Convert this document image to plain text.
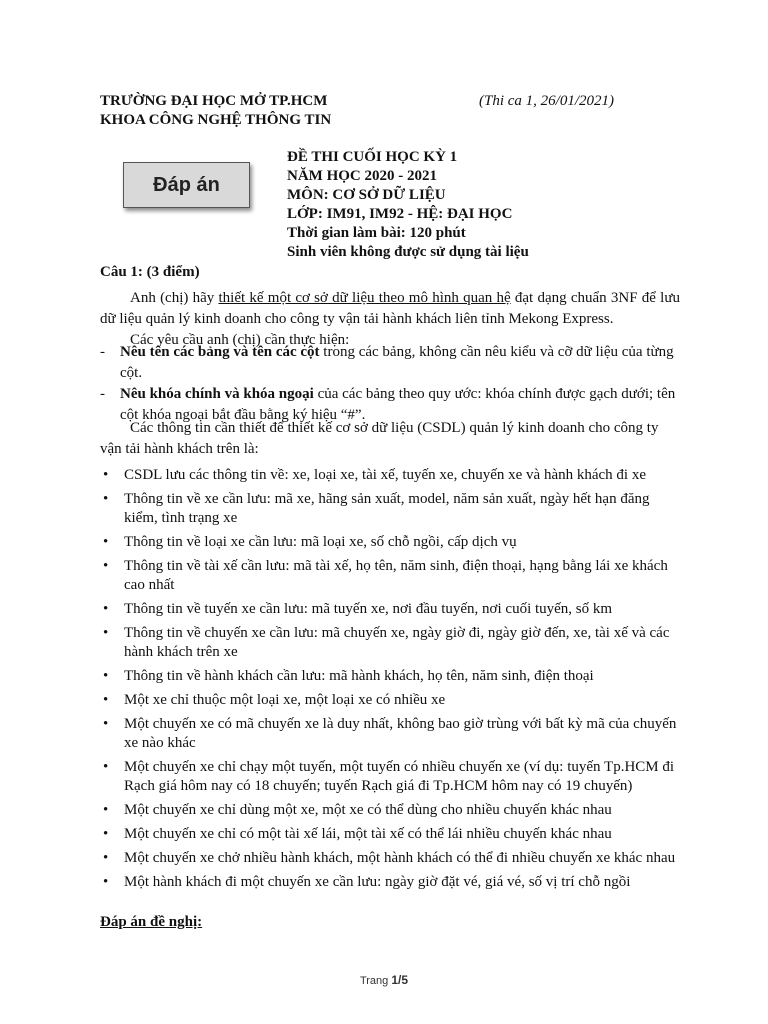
TRƯỜNG ĐẠI HỌC MỞ TP.HCM
KHOA CÔNG NGHỆ THÔNG TIN
(Thi ca 1, 26/01/2021)
Đáp án
ĐỀ THI CUỐI HỌC KỲ 1
NĂM HỌC 2020 - 2021
MÔN: CƠ SỞ DỮ LIỆU
LỚP: IM91, IM92 - HỆ: ĐẠI HỌC
Thời gian làm bài: 120 phút
Sinh viên không được sử dụng tài liệu
Câu 1: (3 điểm)
Anh (chị) hãy thiết kế một cơ sở dữ liệu theo mô hình quan hệ đạt dạng chuẩn 3NF để lưu dữ liệu quản lý kinh doanh cho công ty vận tải hành khách liên tỉnh Mekong Express.
Các yêu cầu anh (chị) cần thực hiện:
- Nêu tên các bảng và tên các cột trong các bảng, không cần nêu kiểu và cỡ dữ liệu của từng cột.
- Nêu khóa chính và khóa ngoại của các bảng theo quy ước: khóa chính được gạch dưới; tên cột khóa ngoại bắt đầu bằng ký hiệu “#”.
Các thông tin cần thiết để thiết kế cơ sở dữ liệu (CSDL) quản lý kinh doanh cho công ty vận tải hành khách trên là:
• CSDL lưu các thông tin về: xe, loại xe, tài xế, tuyến xe, chuyến xe và hành khách đi xe
• Thông tin về xe cần lưu: mã xe, hãng sản xuất, model, năm sản xuất, ngày hết hạn đăng kiểm, tình trạng xe
• Thông tin về loại xe cần lưu: mã loại xe, số chỗ ngồi, cấp dịch vụ
• Thông tin về tài xế cần lưu: mã tài xế, họ tên, năm sinh, điện thoại, hạng bằng lái xe khách cao nhất
• Thông tin về tuyến xe cần lưu: mã tuyến xe, nơi đầu tuyến, nơi cuối tuyến, số km
• Thông tin về chuyến xe cần lưu: mã chuyến xe, ngày giờ đi, ngày giờ đến, xe, tài xế và các hành khách trên xe
• Thông tin về hành khách cần lưu: mã hành khách, họ tên, năm sinh, điện thoại
• Một xe chỉ thuộc một loại xe, một loại xe có nhiều xe
• Một chuyến xe có mã chuyến xe là duy nhất, không bao giờ trùng với bất kỳ mã của chuyến xe nào khác
• Một chuyến xe chỉ chạy một tuyến, một tuyến có nhiều chuyến xe (ví dụ: tuyến Tp.HCM đi Rạch giá hôm nay có 18 chuyến; tuyến Rạch giá đi Tp.HCM hôm nay có 19 chuyến)
• Một chuyến xe chỉ dùng một xe, một xe có thể dùng cho nhiều chuyến khác nhau
• Một chuyến xe chỉ có một tài xế lái, một tài xế có thể lái nhiều chuyến khác nhau
• Một chuyến xe chở nhiều hành khách, một hành khách có thể đi nhiều chuyến xe khác nhau
• Một hành khách đi một chuyến xe cần lưu: ngày giờ đặt vé, giá vé, số vị trí chỗ ngồi
Đáp án đề nghị:
Trang 1/5
